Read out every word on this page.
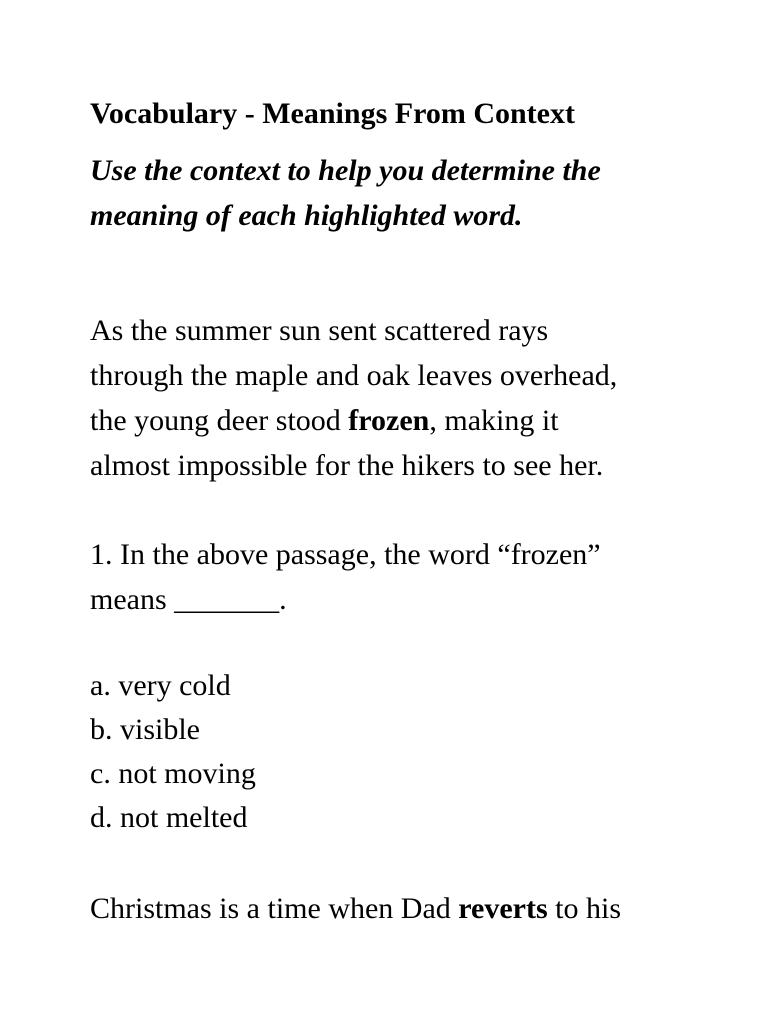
Vocabulary - Meanings From Context

Use the context to help you determine the
meaning of each highlighted word.

As the summer sun sent scattered rays
through the maple and oak leaves overhead,
the young deer stood frozen, making it
almost impossible for the hikers to see her.

1. In the above passage, the word “frozen”
means _______.

a. very cold
b. visible
c. not moving
d. not melted

Christmas is a time when Dad reverts to his
